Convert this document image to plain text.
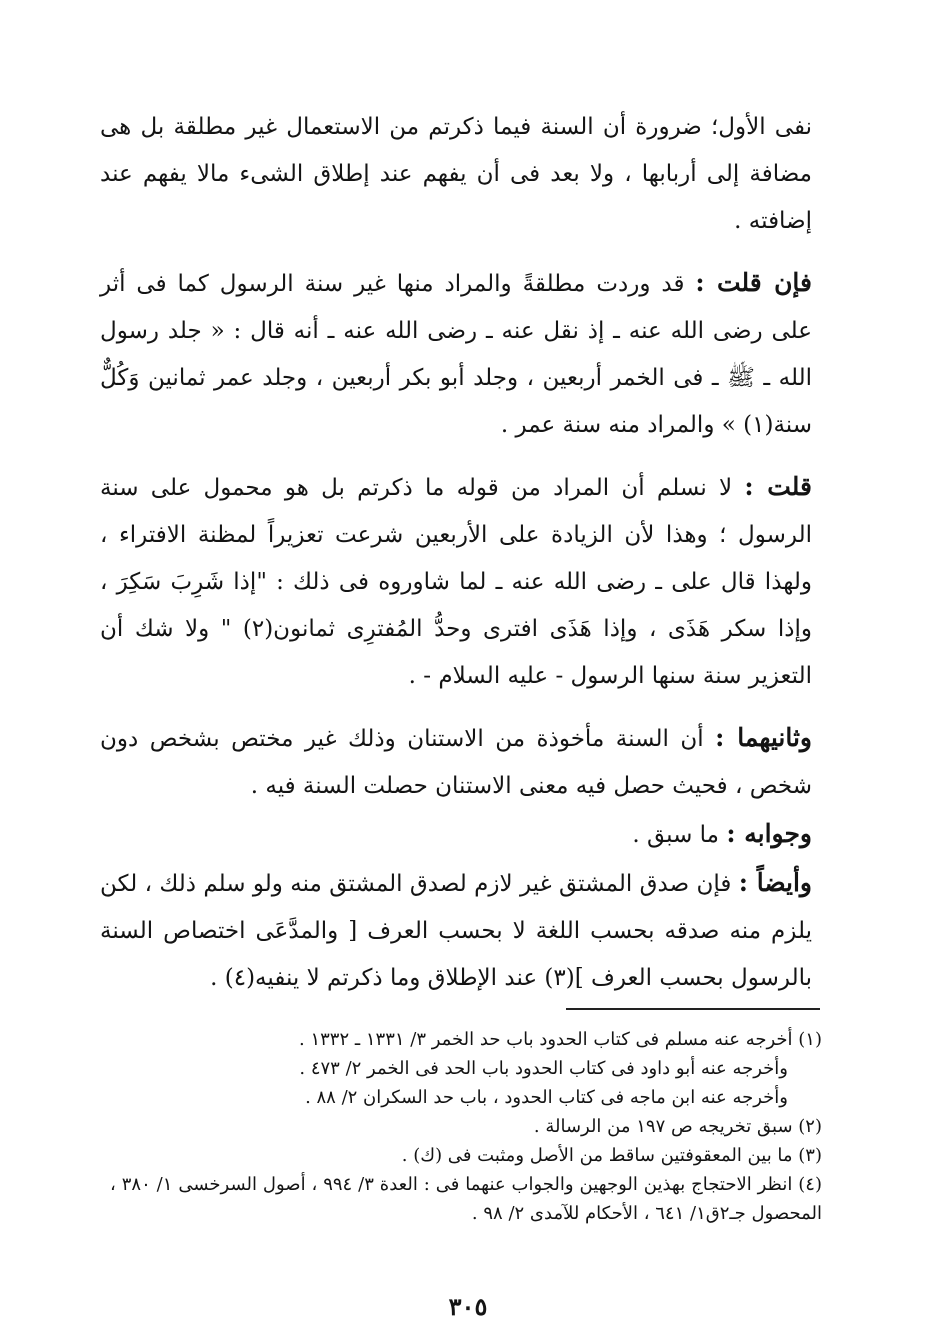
نفى الأول؛ ضرورة أن السنة فيما ذكرتم من الاستعمال غير مطلقة بل هى مضافة إلى أربابها ، ولا بعد فى أن يفهم عند إطلاق الشىء مالا يفهم عند إضافته .

فإن قلت : قد وردت مطلقةً والمراد منها غير سنة الرسول كما فى أثر على رضى الله عنه ـ إذ نقل عنه ـ رضى الله عنه ـ أنه قال : « جلد رسول الله ـ ﷺ ـ فى الخمر أربعين ، وجلد أبو بكر أربعين ، وجلد عمر ثمانين وَكُلٌّ سنة(١) » والمراد منه سنة عمر .

قلت : لا نسلم أن المراد من قوله ما ذكرتم بل هو محمول على سنة الرسول ؛ وهذا لأن الزيادة على الأربعين شرعت تعزيراً لمظنة الافتراء ، ولهذا قال على ـ رضى الله عنه ـ لما شاوروه فى ذلك : "إذا شَرِبَ سَكِرَ ، وإذا سكر هَذَى ، وإذا هَذَى افترى وحدُّ المُفترِى ثمانون(٢) " ولا شك أن التعزير سنة سنها الرسول - عليه السلام - .

وثانيهما : أن السنة مأخوذة من الاستنان وذلك غير مختص بشخص دون شخص ، فحيث حصل فيه معنى الاستنان حصلت السنة فيه .

وجوابه : ما سبق .

وأيضاً : فإن صدق المشتق غير لازم لصدق المشتق منه ولو سلم ذلك ، لكن يلزم منه صدقه بحسب اللغة لا بحسب العرف [ والمدَّعَى اختصاص السنة بالرسول بحسب العرف ](٣) عند الإطلاق وما ذكرتم لا ينفيه(٤) .

(١) أخرجه عنه مسلم فى كتاب الحدود باب حد الخمر ٣/ ١٣٣١ ـ ١٣٣٢ .

وأخرجه عنه أبو داود فى كتاب الحدود باب الحد فى الخمر ٢/ ٤٧٣ .

وأخرجه عنه ابن ماجه فى كتاب الحدود ، باب حد السكران ٢/ ٨٨ .

(٢) سبق تخريجه ص ١٩٧ من الرسالة .

(٣) ما بين المعقوفتين ساقط من الأصل ومثبت فى (ك) .

(٤) انظر الاحتجاج بهذين الوجهين والجواب عنهما فى : العدة ٣/ ٩٩٤ ، أصول السرخسى ١/ ٣٨٠ ، المحصول جـ٢ق١/ ٦٤١ ، الأحكام للآمدى ٢/ ٩٨ .

٣٠٥
